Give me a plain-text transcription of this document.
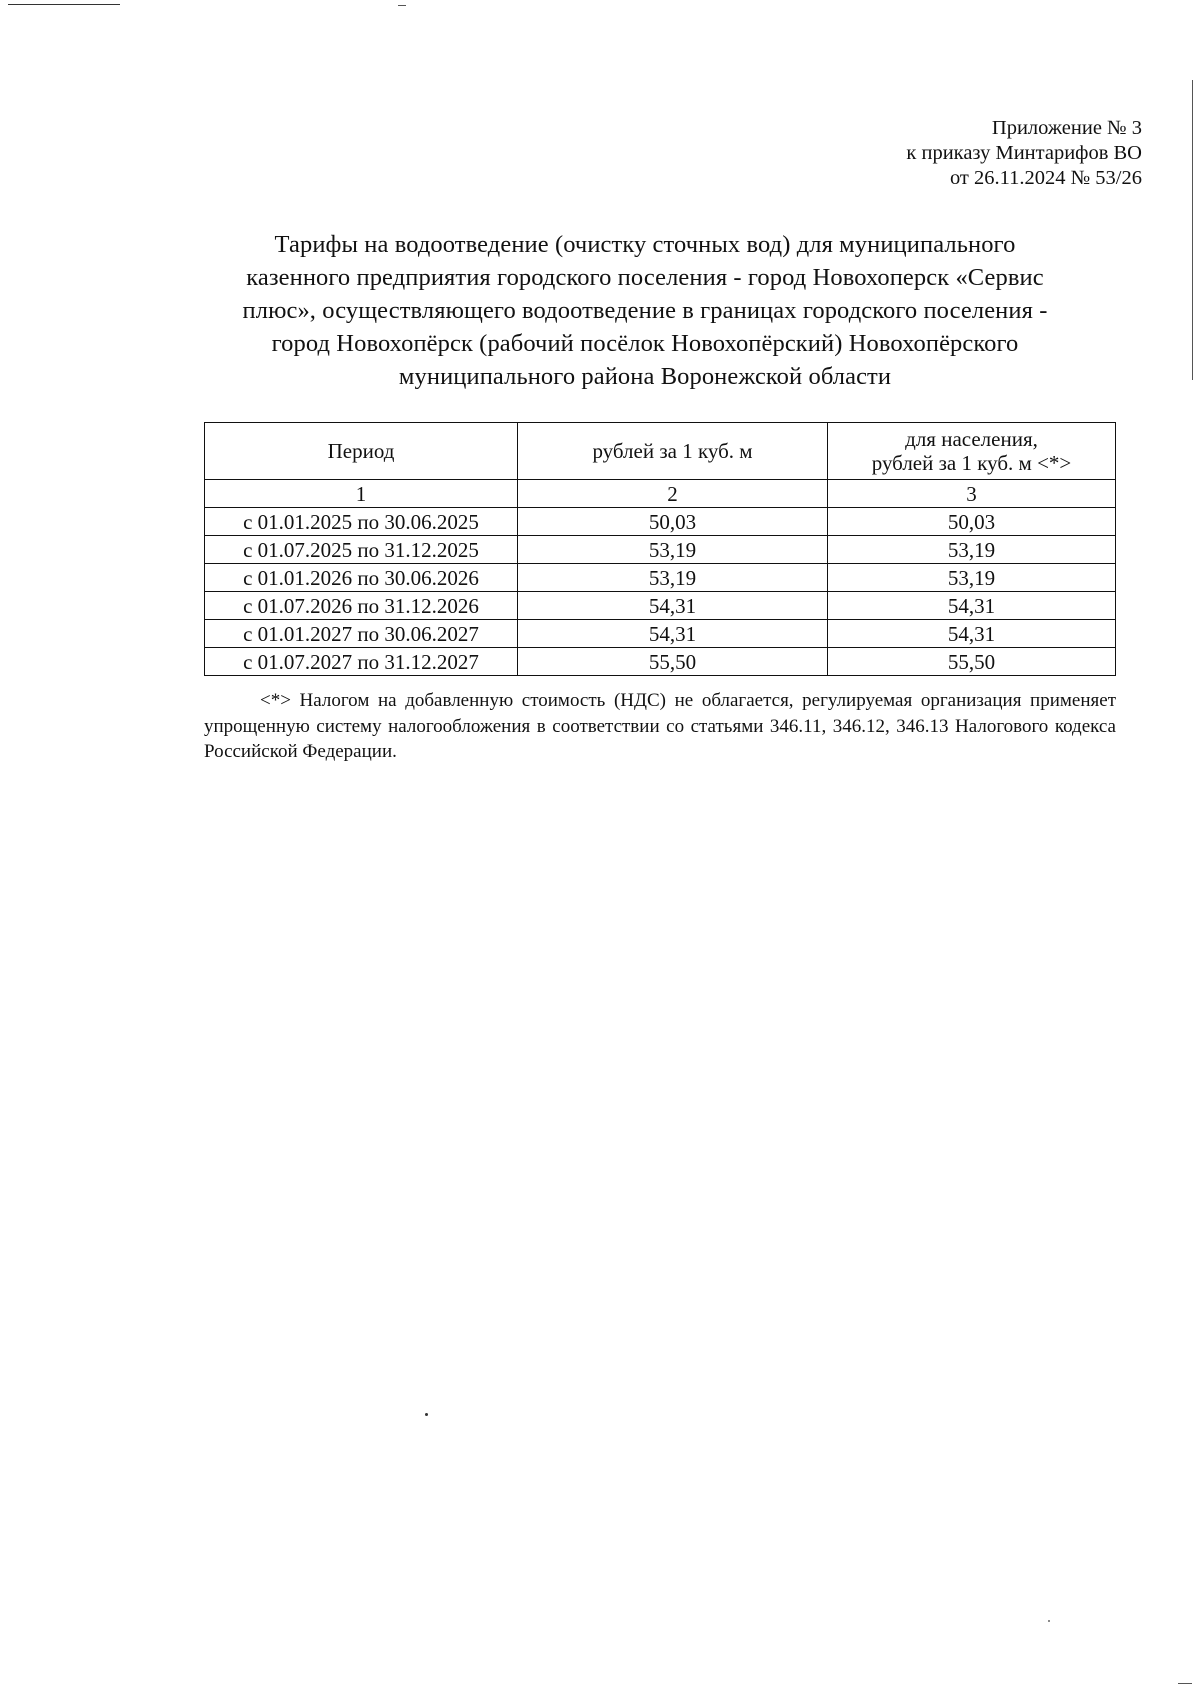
Приложение № 3
к приказу Минтарифов ВО
от 26.11.2024 № 53/26
Тарифы на водоотведение (очистку сточных вод) для муниципального
казенного предприятия городского поселения - город Новохоперск «Сервис
плюс», осуществляющего водоотведение в границах городского поселения -
город Новохопёрск (рабочий посёлок Новохопёрский) Новохопёрского
муниципального района Воронежской области
Период	рублей за 1 куб. м	для населения,
рублей за 1 куб. м <*>

1	2	3
с 01.01.2025 по 30.06.2025	50,03	50,03
с 01.07.2025 по 31.12.2025	53,19	53,19
с 01.01.2026 по 30.06.2026	53,19	53,19
с 01.07.2026 по 31.12.2026	54,31	54,31
с 01.01.2027 по 30.06.2027	54,31	54,31
с 01.07.2027 по 31.12.2027	55,50	55,50
<*> Налогом на добавленную стоимость (НДС) не облагается, регулируемая организация применяет упрощенную систему налогообложения в соответствии со статьями 346.11, 346.12, 346.13 Налогового кодекса Российской Федерации.
